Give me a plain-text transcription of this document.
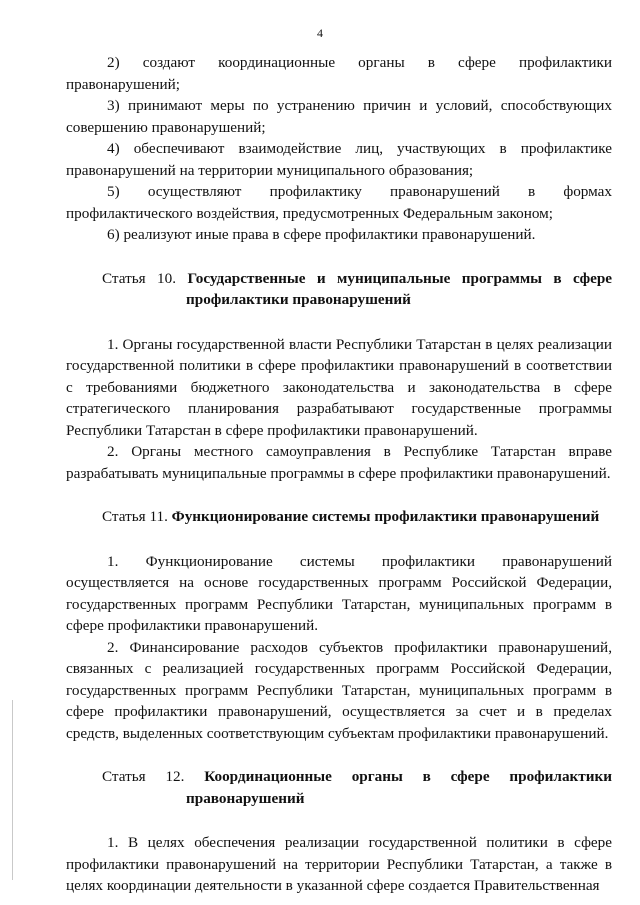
4

2) создают координационные органы в сфере профилактики правонарушений;

3) принимают меры по устранению причин и условий, способствующих совершению правонарушений;

4) обеспечивают взаимодействие лиц, участвующих в профилактике правонарушений на территории муниципального образования;

5) осуществляют профилактику правонарушений в формах профилактического воздействия, предусмотренных Федеральным законом;

6) реализуют иные права в сфере профилактики правонарушений.

Статья 10. Государственные и муниципальные программы в сфере профилактики правонарушений

1. Органы государственной власти Республики Татарстан в целях реализации государственной политики в сфере профилактики правонарушений в соответствии с требованиями бюджетного законодательства и законодательства в сфере стратегического планирования разрабатывают государственные программы Республики Татарстан в сфере профилактики правонарушений.

2. Органы местного самоуправления в Республике Татарстан вправе разрабатывать муниципальные программы в сфере профилактики правонарушений.

Статья 11. Функционирование системы профилактики правонарушений

1. Функционирование системы профилактики правонарушений осуществляется на основе государственных программ Российской Федерации, государственных программ Республики Татарстан, муниципальных программ в сфере профилактики правонарушений.

2. Финансирование расходов субъектов профилактики правонарушений, связанных с реализацией государственных программ Российской Федерации, государственных программ Республики Татарстан, муниципальных программ в сфере профилактики правонарушений, осуществляется за счет и в пределах средств, выделенных соответствующим субъектам профилактики правонарушений.

Статья 12. Координационные органы в сфере профилактики правонарушений

1. В целях обеспечения реализации государственной политики в сфере профилактики правонарушений на территории Республики Татарстан, а также в целях координации деятельности в указанной сфере создается Правительственная
